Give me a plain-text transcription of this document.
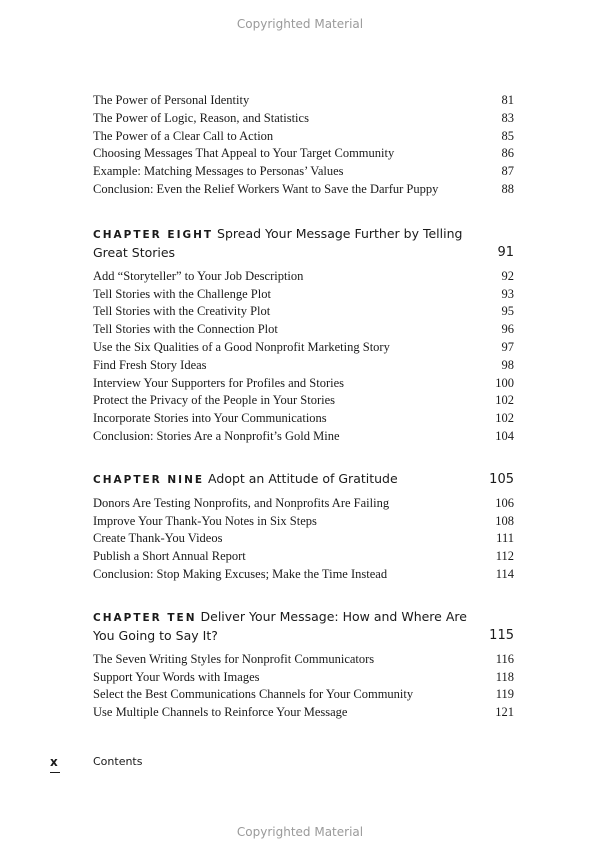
Copyrighted Material
The Power of Personal Identity	81
The Power of Logic, Reason, and Statistics	83
The Power of a Clear Call to Action	85
Choosing Messages That Appeal to Your Target Community	86
Example: Matching Messages to Personas’ Values	87
Conclusion: Even the Relief Workers Want to Save the Darfur Puppy	88
CHAPTER EIGHT Spread Your Message Further by Telling Great Stories	91
Add “Storyteller” to Your Job Description	92
Tell Stories with the Challenge Plot	93
Tell Stories with the Creativity Plot	95
Tell Stories with the Connection Plot	96
Use the Six Qualities of a Good Nonprofit Marketing Story	97
Find Fresh Story Ideas	98
Interview Your Supporters for Profiles and Stories	100
Protect the Privacy of the People in Your Stories	102
Incorporate Stories into Your Communications	102
Conclusion: Stories Are a Nonprofit’s Gold Mine	104
CHAPTER NINE Adopt an Attitude of Gratitude	105
Donors Are Testing Nonprofits, and Nonprofits Are Failing	106
Improve Your Thank-You Notes in Six Steps	108
Create Thank-You Videos	111
Publish a Short Annual Report	112
Conclusion: Stop Making Excuses; Make the Time Instead	114
CHAPTER TEN Deliver Your Message: How and Where Are You Going to Say It?	115
The Seven Writing Styles for Nonprofit Communicators	116
Support Your Words with Images	118
Select the Best Communications Channels for Your Community	119
Use Multiple Channels to Reinforce Your Message	121
x	Contents
Copyrighted Material
